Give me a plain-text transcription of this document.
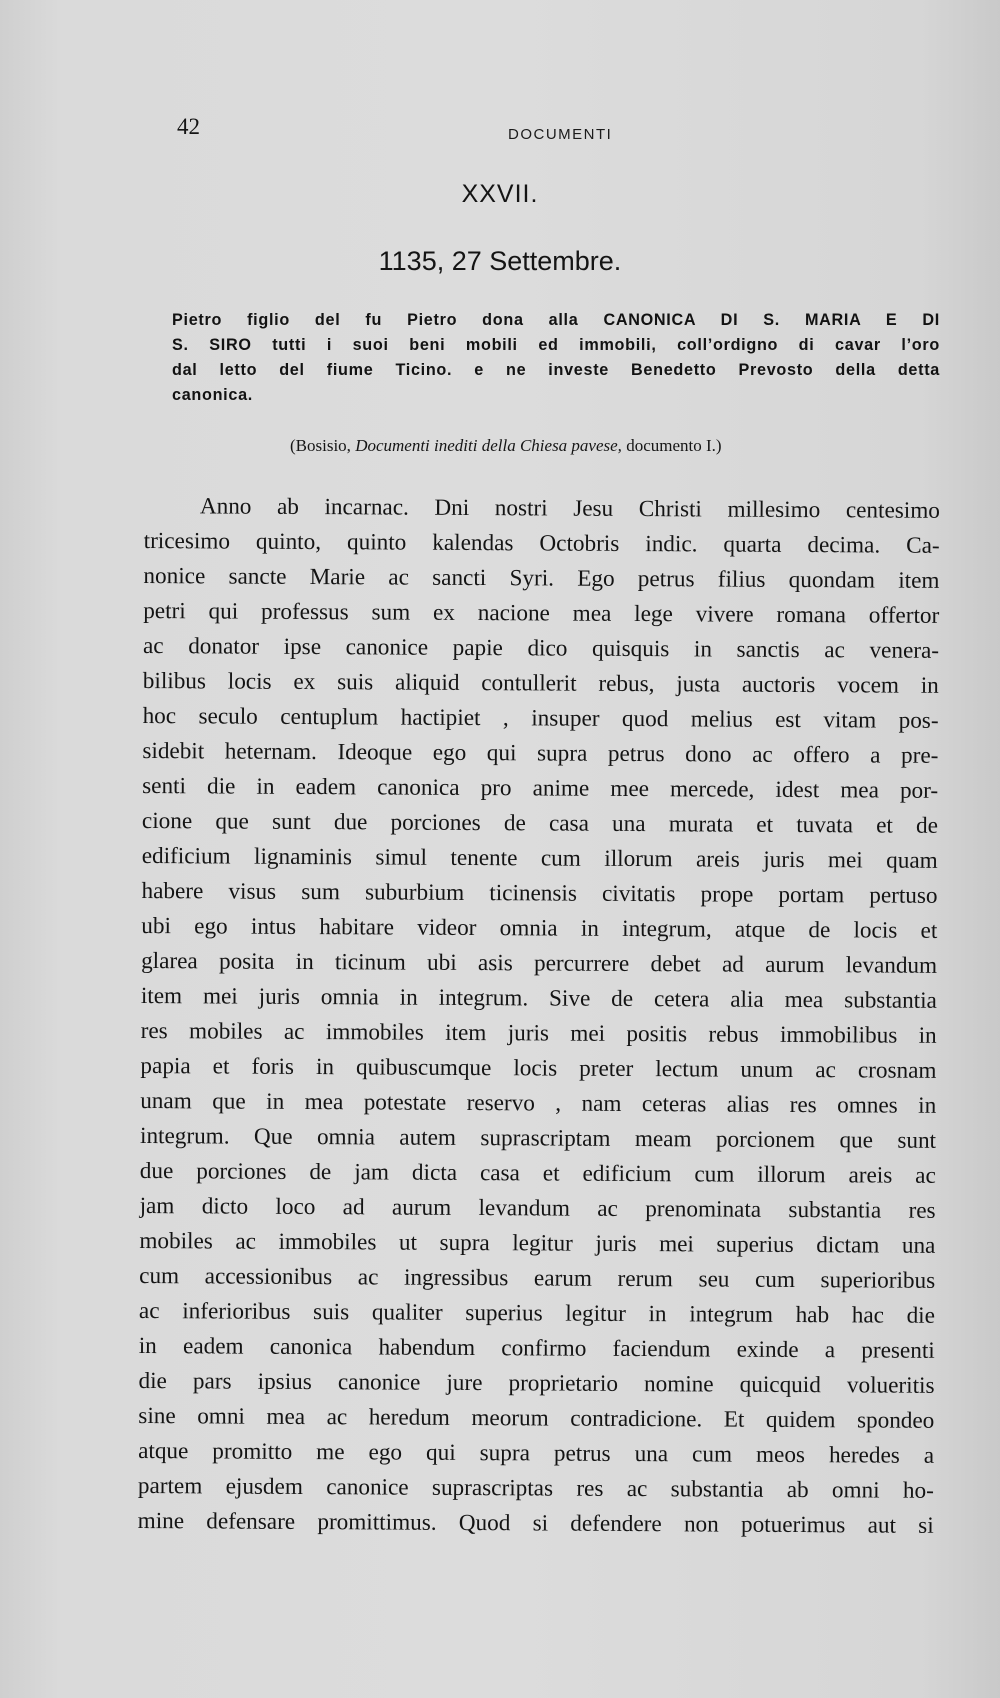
42	DOCUMENTI
XXVII.
1135, 27 Settembre.
Pietro figlio del fu Pietro dona alla CANONICA DI S. MARIA E DI
S. SIRO tutti i suoi beni mobili ed immobili, coll’ordigno di cavar l’oro
dal letto del fiume Ticino. e ne investe Benedetto Prevosto della detta
canonica.
(Bosisio, Documenti inediti della Chiesa pavese, documento I.)
Anno ab incarnac. Dni nostri Jesu Christi millesimo centesimo
tricesimo quinto, quinto kalendas Octobris indic. quarta decima. Ca-
nonice sancte Marie ac sancti Syri. Ego petrus filius quondam item
petri qui professus sum ex nacione mea lege vivere romana offertor
ac donator ipse canonice papie dico quisquis in sanctis ac venera-
bilibus locis ex suis aliquid contullerit rebus, justa auctoris vocem in
hoc seculo centuplum hactipiet , insuper quod melius est vitam pos-
sidebit heternam. Ideoque ego qui supra petrus dono ac offero a pre-
senti die in eadem canonica pro anime mee mercede, idest mea por-
cione que sunt due porciones de casa una murata et tuvata et de
edificium lignaminis simul tenente cum illorum areis juris mei quam
habere visus sum suburbium ticinensis civitatis prope portam pertuso
ubi ego intus habitare videor omnia in integrum, atque de locis et
glarea posita in ticinum ubi asis percurrere debet ad aurum levandum
item mei juris omnia in integrum. Sive de cetera alia mea substantia
res mobiles ac immobiles item juris mei positis rebus immobilibus in
papia et foris in quibuscumque locis preter lectum unum ac crosnam
unam que in mea potestate reservo , nam ceteras alias res omnes in
integrum. Que omnia autem suprascriptam meam porcionem que sunt
due porciones de jam dicta casa et edificium cum illorum areis ac
jam dicto loco ad aurum levandum ac prenominata substantia res
mobiles ac immobiles ut supra legitur juris mei superius dictam una
cum accessionibus ac ingressibus earum rerum seu cum superioribus
ac inferioribus suis qualiter superius legitur in integrum hab hac die
in eadem canonica habendum confirmo faciendum exinde a presenti
die pars ipsius canonice jure proprietario nomine quicquid volueritis
sine omni mea ac heredum meorum contradicione. Et quidem spondeo
atque promitto me ego qui supra petrus una cum meos heredes a
partem ejusdem canonice suprascriptas res ac substantia ab omni ho-
mine defensare promittimus. Quod si defendere non potuerimus aut si
